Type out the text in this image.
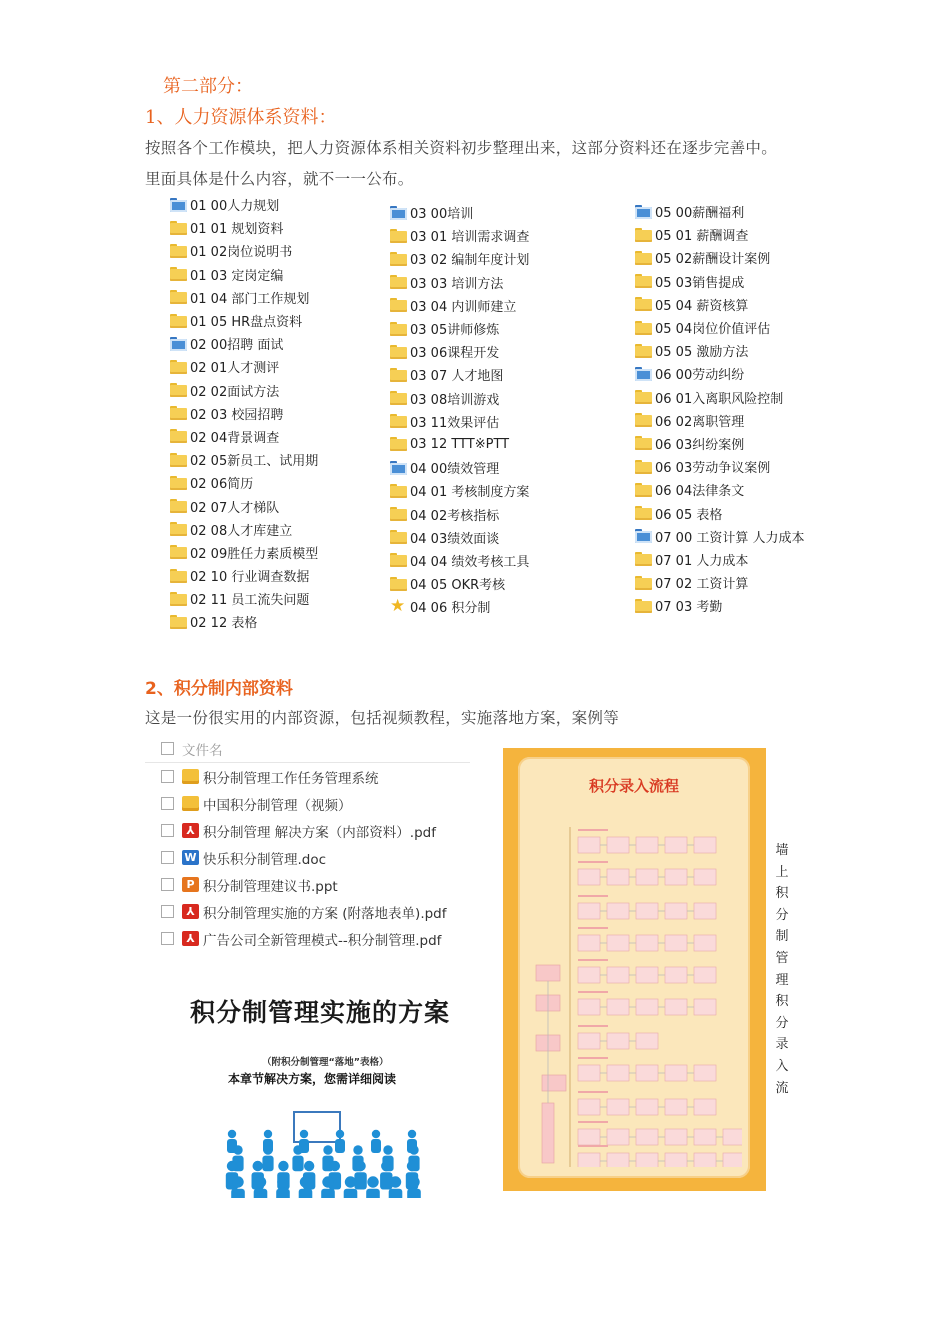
第二部分：
1、人力资源体系资料：
按照各个工作模块，把人力资源体系相关资料初步整理出来，这部分资料还在逐步完善中。
里面具体是什么内容，就不一一公布。
01 00人力规划
01 01 规划资料
01 02岗位说明书
01 03 定岗定编
01 04 部门工作规划
01 05 HR盘点资料
02 00招聘 面试
02 01人才测评
02 02面试方法
02 03 校园招聘
02 04背景调查
02 05新员工、试用期
02 06简历
02 07人才梯队
02 08人才库建立
02 09胜任力素质模型
02 10 行业调查数据
02 11 员工流失问题
02 12 表格
03 00培训
03 01 培训需求调查
03 02 编制年度计划
03 03 培训方法
03 04 内训师建立
03 05讲师修炼
03 06课程开发
03 07 人才地图
03 08培训游戏
03 11效果评估
03 12 TTT※PTT
04 00绩效管理
04 01 考核制度方案
04 02考核指标
04 03绩效面谈
04 04 绩效考核工具
04 05 OKR考核
★ 04 06 积分制
05 00薪酬福利
05 01 薪酬调查
05 02薪酬设计案例
05 03销售提成
05 04 薪资核算
05 04岗位价值评估
05 05 激励方法
06 00劳动纠纷
06 01入离职风险控制
06 02离职管理
06 03纠纷案例
06 03劳动争议案例
06 04法律条文
06 05 表格
07 00 工资计算 人力成本
07 01 人力成本
07 02 工资计算
07 03 考勤
2、积分制内部资料
这是一份很实用的内部资源，包括视频教程，实施落地方案，案例等
文件名
积分制管理工作任务管理系统
中国积分制管理（视频）
⅄ 积分制管理 解决方案（内部资料）.pdf
W 快乐积分制管理.doc
P 积分制管理建议书.ppt
⅄ 积分制管理实施的方案 (附落地表单).pdf
⅄ 广告公司全新管理模式--积分制管理.pdf
积分制管理实施的方案
（附积分制管理“落地”表格）
本章节解决方案，您需详细阅读
积分录入流程
墙上积分制管理积分录入流
